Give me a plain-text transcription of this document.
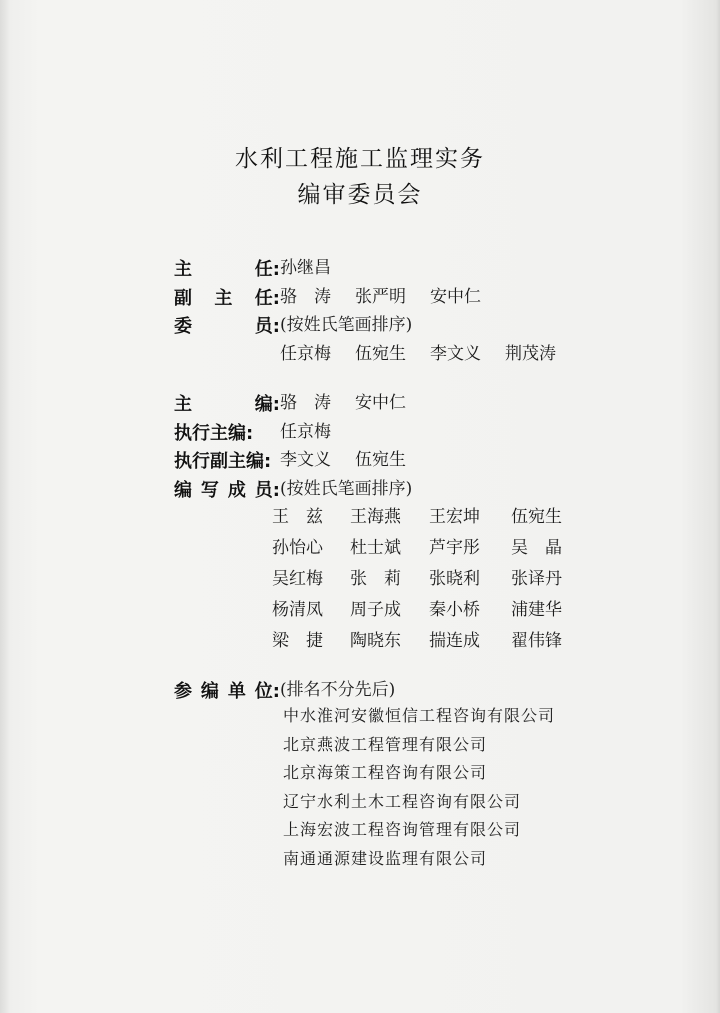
水利工程施工监理实务
编审委员会
主	任: 孙继昌
副 主 任: 骆　涛 张严明 安中仁
委	员: (按姓氏笔画排序)
任京梅 伍宛生 李文义 荆茂涛
主	编: 骆　涛 安中仁
执行主编: 任京梅
执行副主编: 李文义 伍宛生
编 写 成 员: (按姓氏笔画排序)
王　兹 王海燕 王宏坤 伍宛生
孙怡心 杜士斌 芦宇彤 吴　晶
吴红梅 张　莉 张晓利 张译丹
杨清凤 周子成 秦小桥 浦建华
梁　捷 陶晓东 揣连成 翟伟锋
参 编 单 位: (排名不分先后)
中水淮河安徽恒信工程咨询有限公司
北京燕波工程管理有限公司
北京海策工程咨询有限公司
辽宁水利土木工程咨询有限公司
上海宏波工程咨询管理有限公司
南通通源建设监理有限公司
